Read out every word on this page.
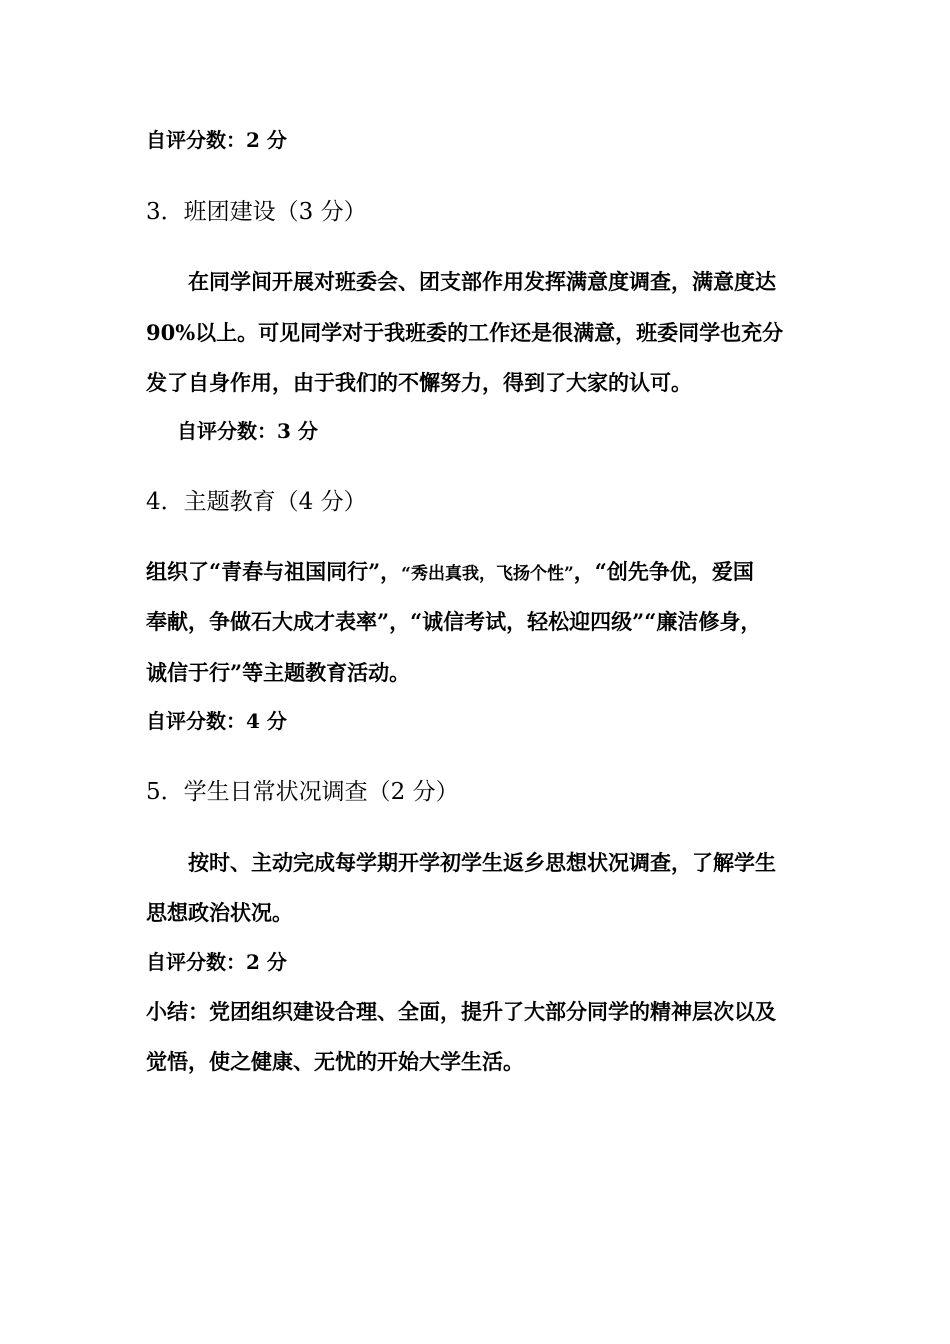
自评分数：2 分
3．班团建设（3 分）
在同学间开展对班委会、团支部作用发挥满意度调查，满意度达
90%以上。可见同学对于我班委的工作还是很满意，班委同学也充分
发了自身作用，由于我们的不懈努力，得到了大家的认可。
自评分数：3 分
4．主题教育（4 分）
组织了“青春与祖国同行”，“秀出真我，飞扬个性”，“创先争优，爱国
奉献，争做石大成才表率”，“诚信考试，轻松迎四级”“廉洁修身，
诚信于行”等主题教育活动。
自评分数：4 分
5．学生日常状况调查（2 分）
按时、主动完成每学期开学初学生返乡思想状况调查，了解学生
思想政治状况。
自评分数：2 分
小结：党团组织建设合理、全面，提升了大部分同学的精神层次以及
觉悟，使之健康、无忧的开始大学生活。
